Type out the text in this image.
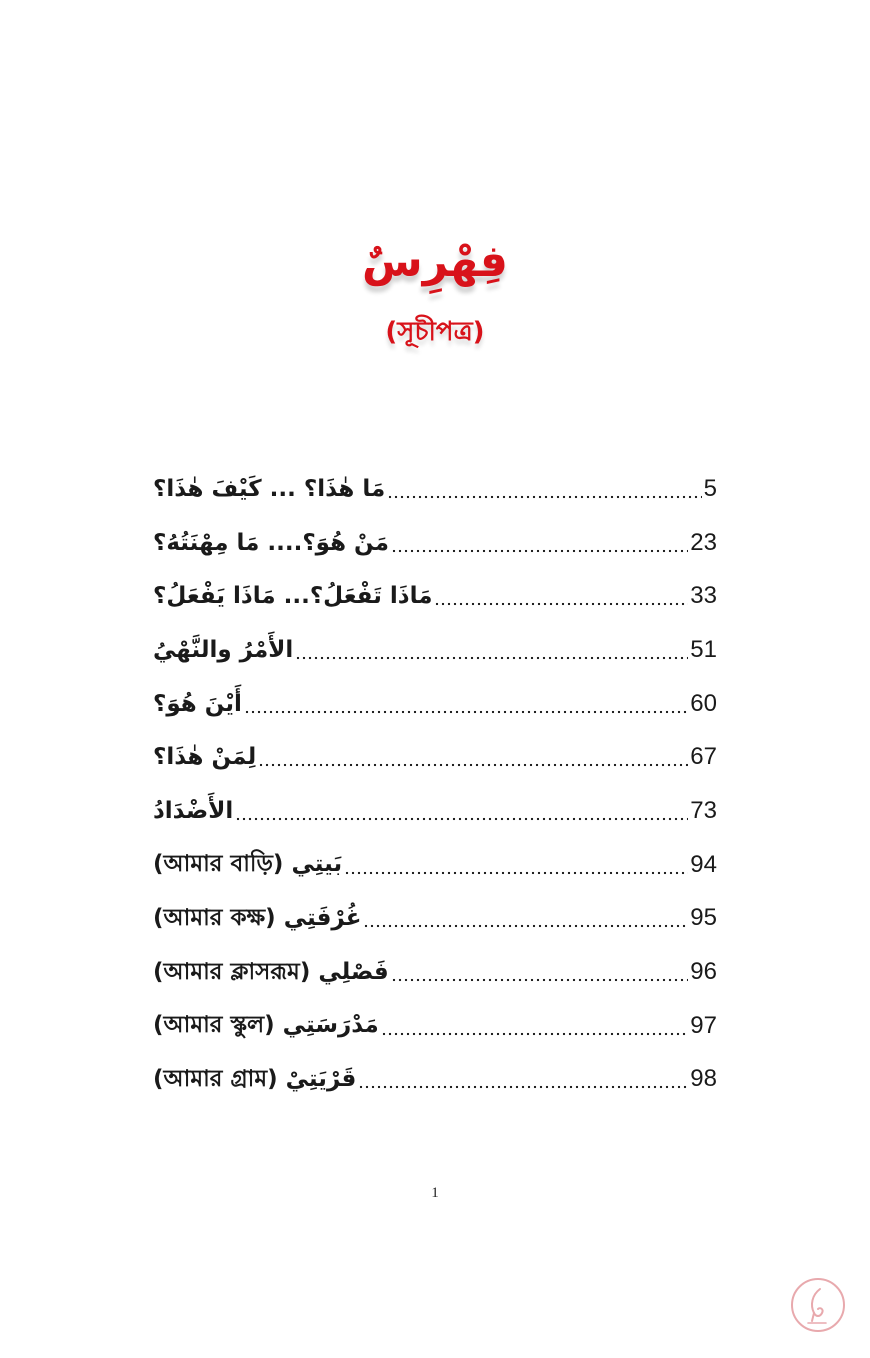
فِهْرِسٌ
(সূচীপত্র)
مَا هٰذَا؟ ... كَيْفَ هٰذَا؟	5
مَنْ هُوَ؟.... مَا مِهْنَتُهُ؟	23
مَاذَا تَفْعَلُ؟... مَاذَا يَفْعَلُ؟	33
الأَمْرُ والنَّهْيُ	51
أَيْنَ هُوَ؟	60
لِمَنْ هٰذَا؟	67
الأَضْدَادُ	73
بَيتِي (আমার বাড়ি)	94
غُرْفَتِي (আমার কক্ষ)	95
فَصْلِي (আমার ক্লাসরূম)	96
مَدْرَسَتِي (আমার স্কুল)	97
قَرْيَتِيْ (আমার গ্রাম)	98
1
